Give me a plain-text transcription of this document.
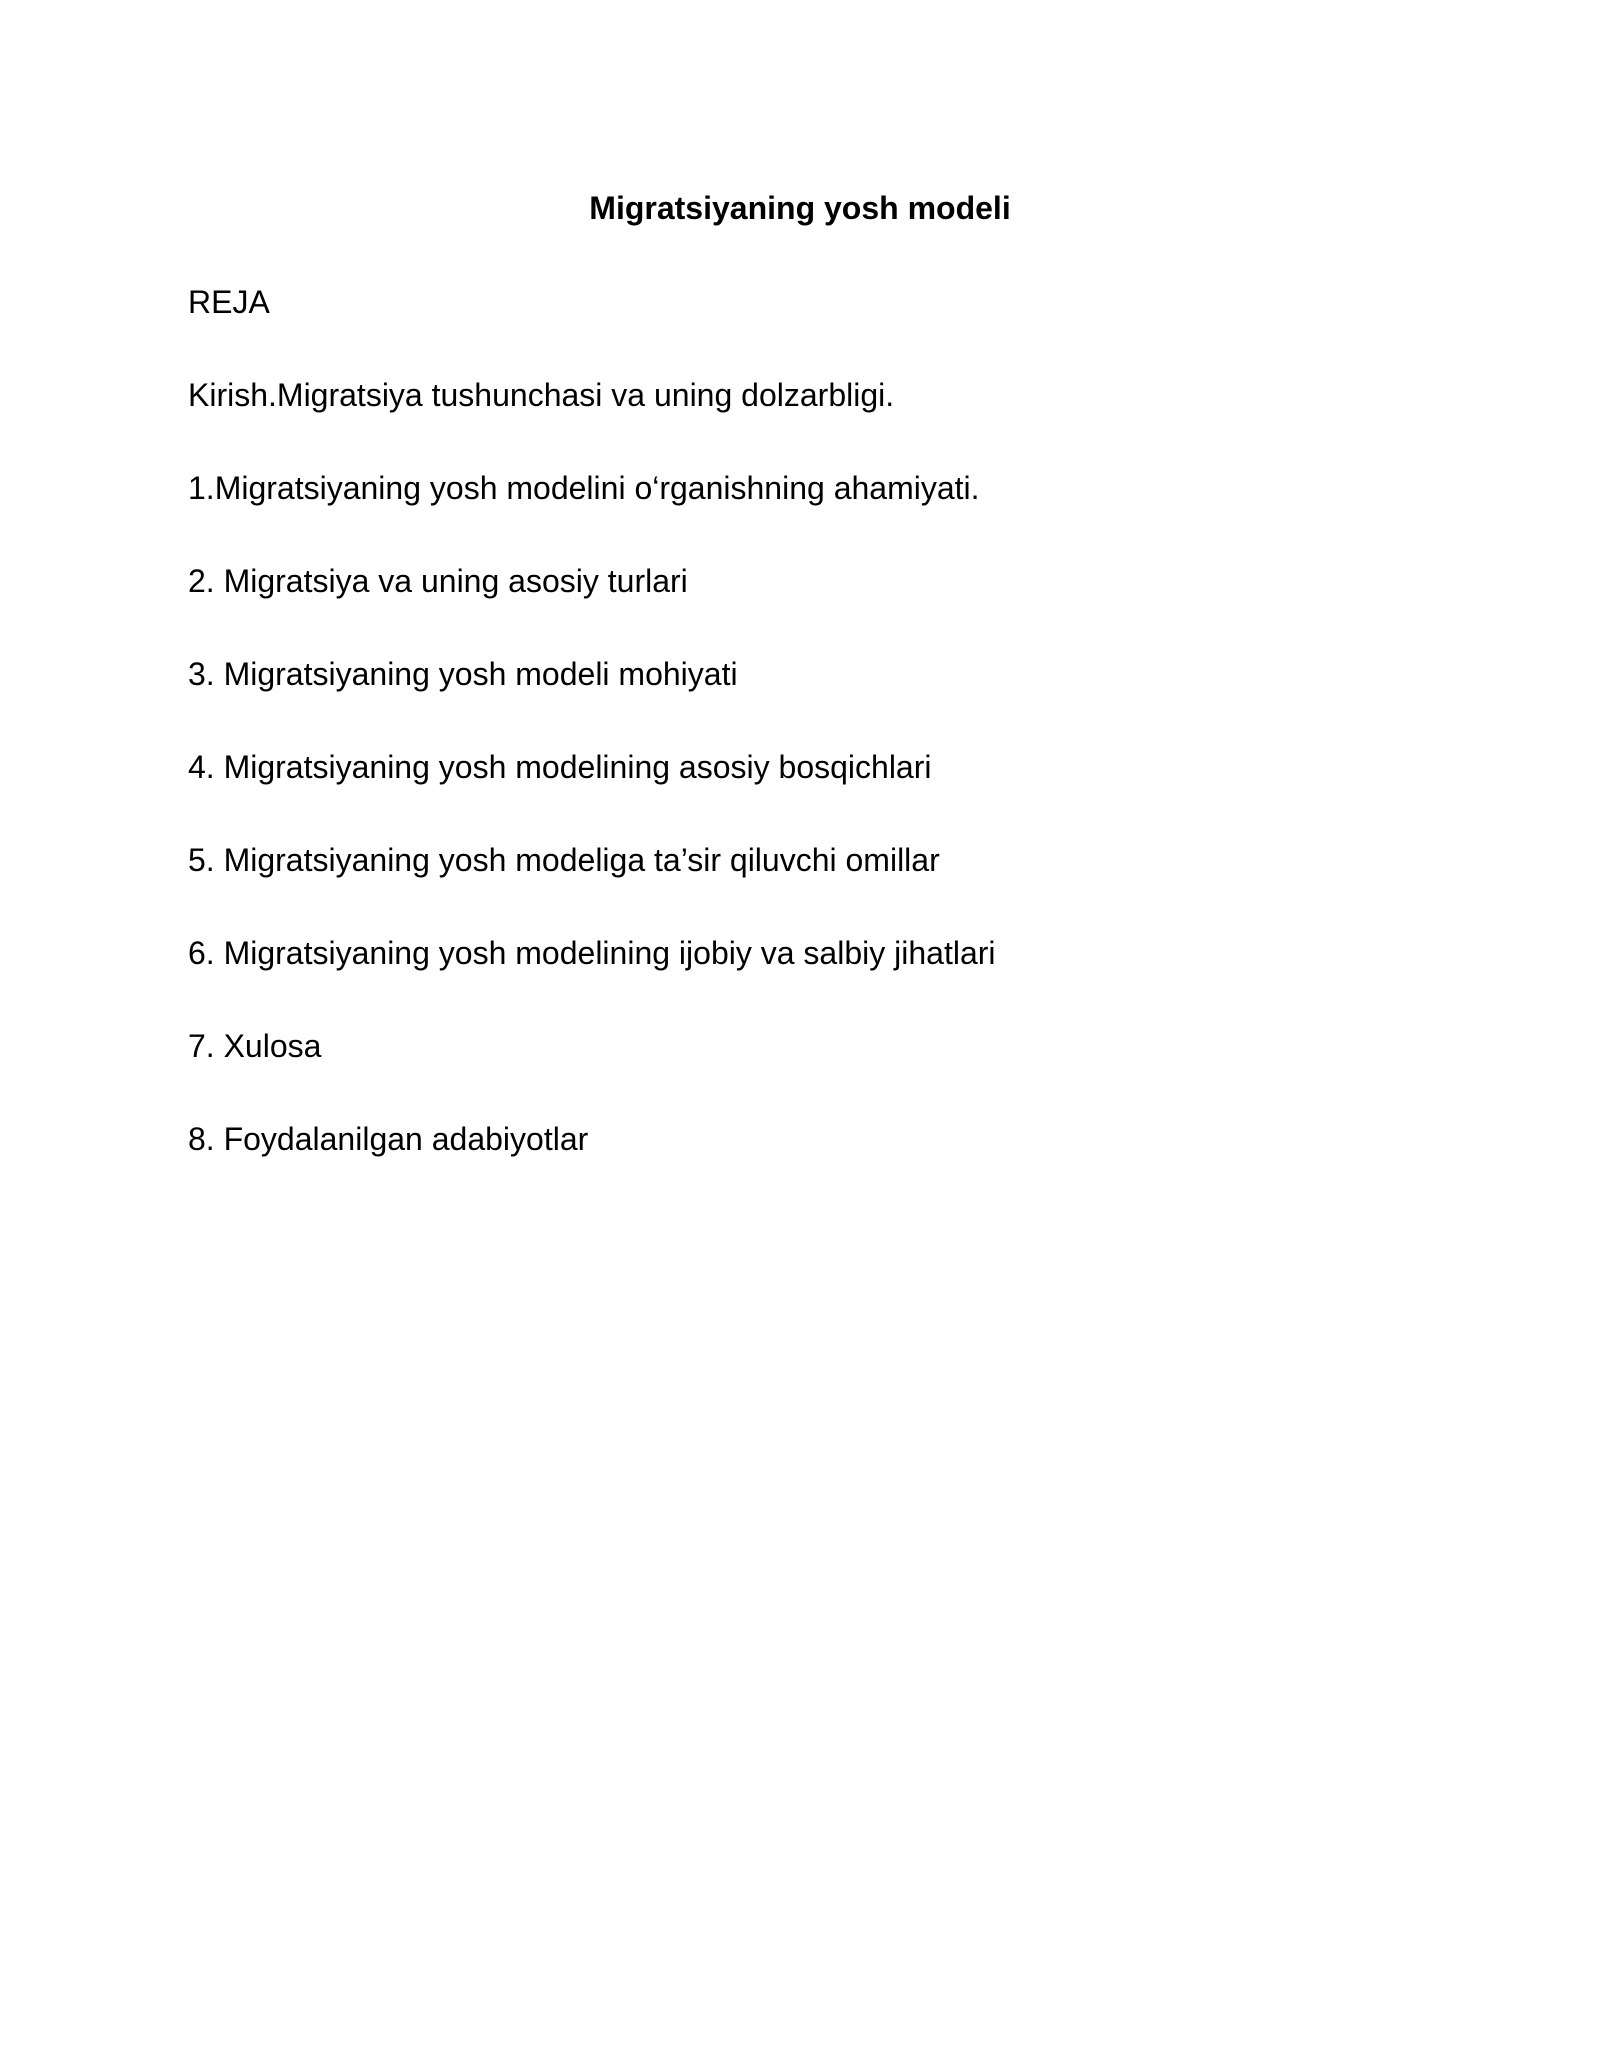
Migratsiyaning yosh modeli
REJA
Kirish.Migratsiya tushunchasi va uning dolzarbligi.
1.Migratsiyaning yosh modelini o‘rganishning ahamiyati.
2. Migratsiya va uning asosiy turlari
3. Migratsiyaning yosh modeli mohiyati
4. Migratsiyaning yosh modelining asosiy bosqichlari
5. Migratsiyaning yosh modeliga ta’sir qiluvchi omillar
6. Migratsiyaning yosh modelining ijobiy va salbiy jihatlari
7. Xulosa
8. Foydalanilgan adabiyotlar
